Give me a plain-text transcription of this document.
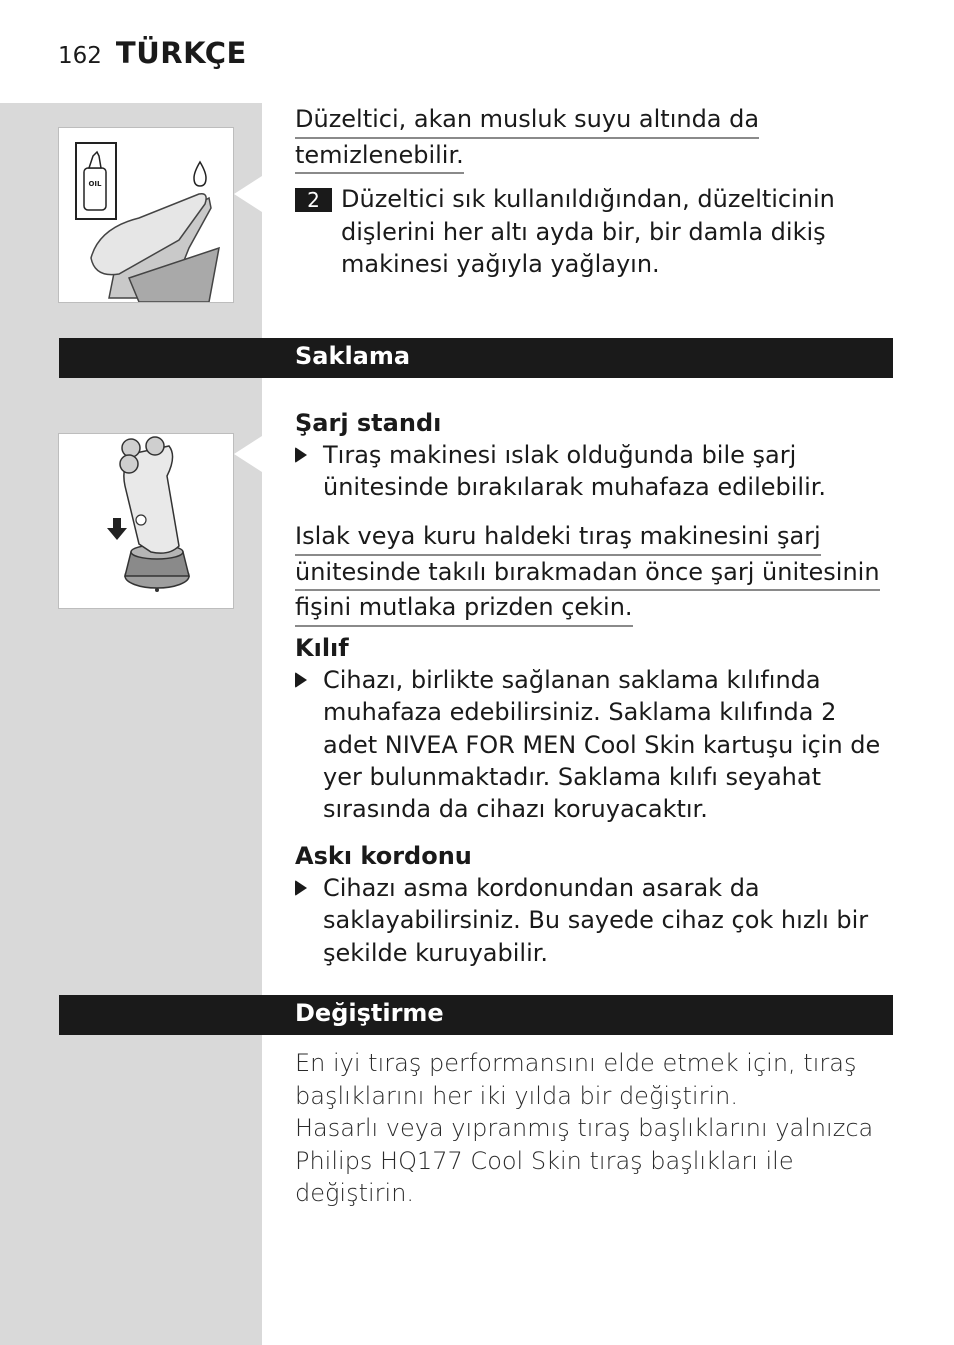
162 TÜRKÇE
OIL
Düzeltici, akan musluk suyu altında da
temizlenebilir.
2 Düzeltici sık kullanıldığından, düzelticinin dişlerini her altı ayda bir, bir damla dikiş makinesi yağıyla yağlayın.
Saklama
Şarj standı
Tıraş makinesi ıslak olduğunda bile şarj ünitesinde bırakılarak muhafaza edilebilir.
Islak veya kuru haldeki tıraş makinesini şarj
ünitesinde takılı bırakmadan önce şarj ünitesinin
fişini mutlaka prizden çekin.
Kılıf
Cihazı, birlikte sağlanan saklama kılıfında muhafaza edebilirsiniz. Saklama kılıfında 2 adet NIVEA FOR MEN Cool Skin kartuşu için de yer bulunmaktadır. Saklama kılıfı seyahat sırasında da cihazı koruyacaktır.
Askı kordonu
Cihazı asma kordonundan asarak da saklayabilirsiniz. Bu sayede cihaz çok hızlı bir şekilde kuruyabilir.
Değiştirme
En iyi tıraş performansını elde etmek için, tıraş başlıklarını her iki yılda bir değiştirin.
Hasarlı veya yıpranmış tıraş başlıklarını yalnızca Philips HQ177 Cool Skin tıraş başlıkları ile değiştirin.
